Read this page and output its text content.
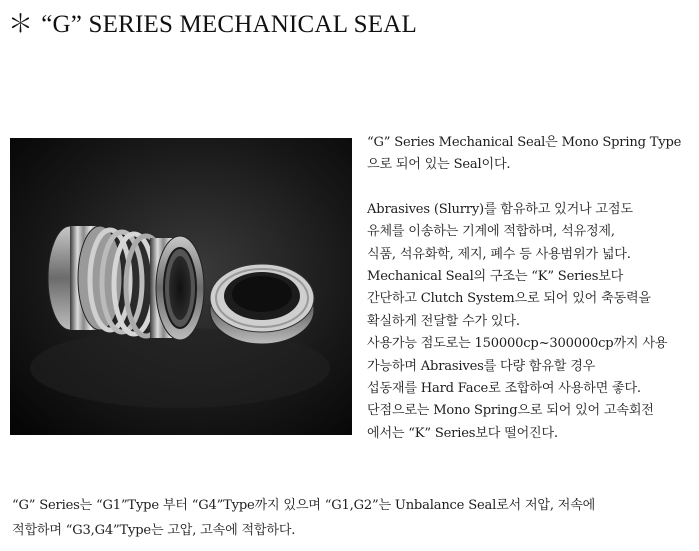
＊ “G” SERIES MECHANICAL SEAL

“G” Series Mechanical Seal은 Mono Spring Type

으로 되어 있는 Seal이다.

Abrasives (Slurry)를 함유하고 있거나 고점도

유체를 이송하는 기계에 적합하며, 석유정제,

식품, 석유화학, 제지, 폐수 등 사용범위가 넓다.

Mechanical Seal의 구조는 “K” Series보다

간단하고 Clutch System으로 되어 있어 축동력을

확실하게 전달할 수가 있다.

사용가능 점도로는 150000cp~300000cp까지 사용

가능하며 Abrasives를 다량 함유할 경우

섭동재를 Hard Face로 조합하여 사용하면 좋다.

단점으로는 Mono Spring으로 되어 있어 고속회전

에서는 “K” Series보다 떨어진다.

“G” Series는 “G1”Type 부터 “G4”Type까지 있으며 “G1,G2”는 Unbalance Seal로서 저압, 저속에

적합하며 “G3,G4”Type는 고압, 고속에 적합하다.
